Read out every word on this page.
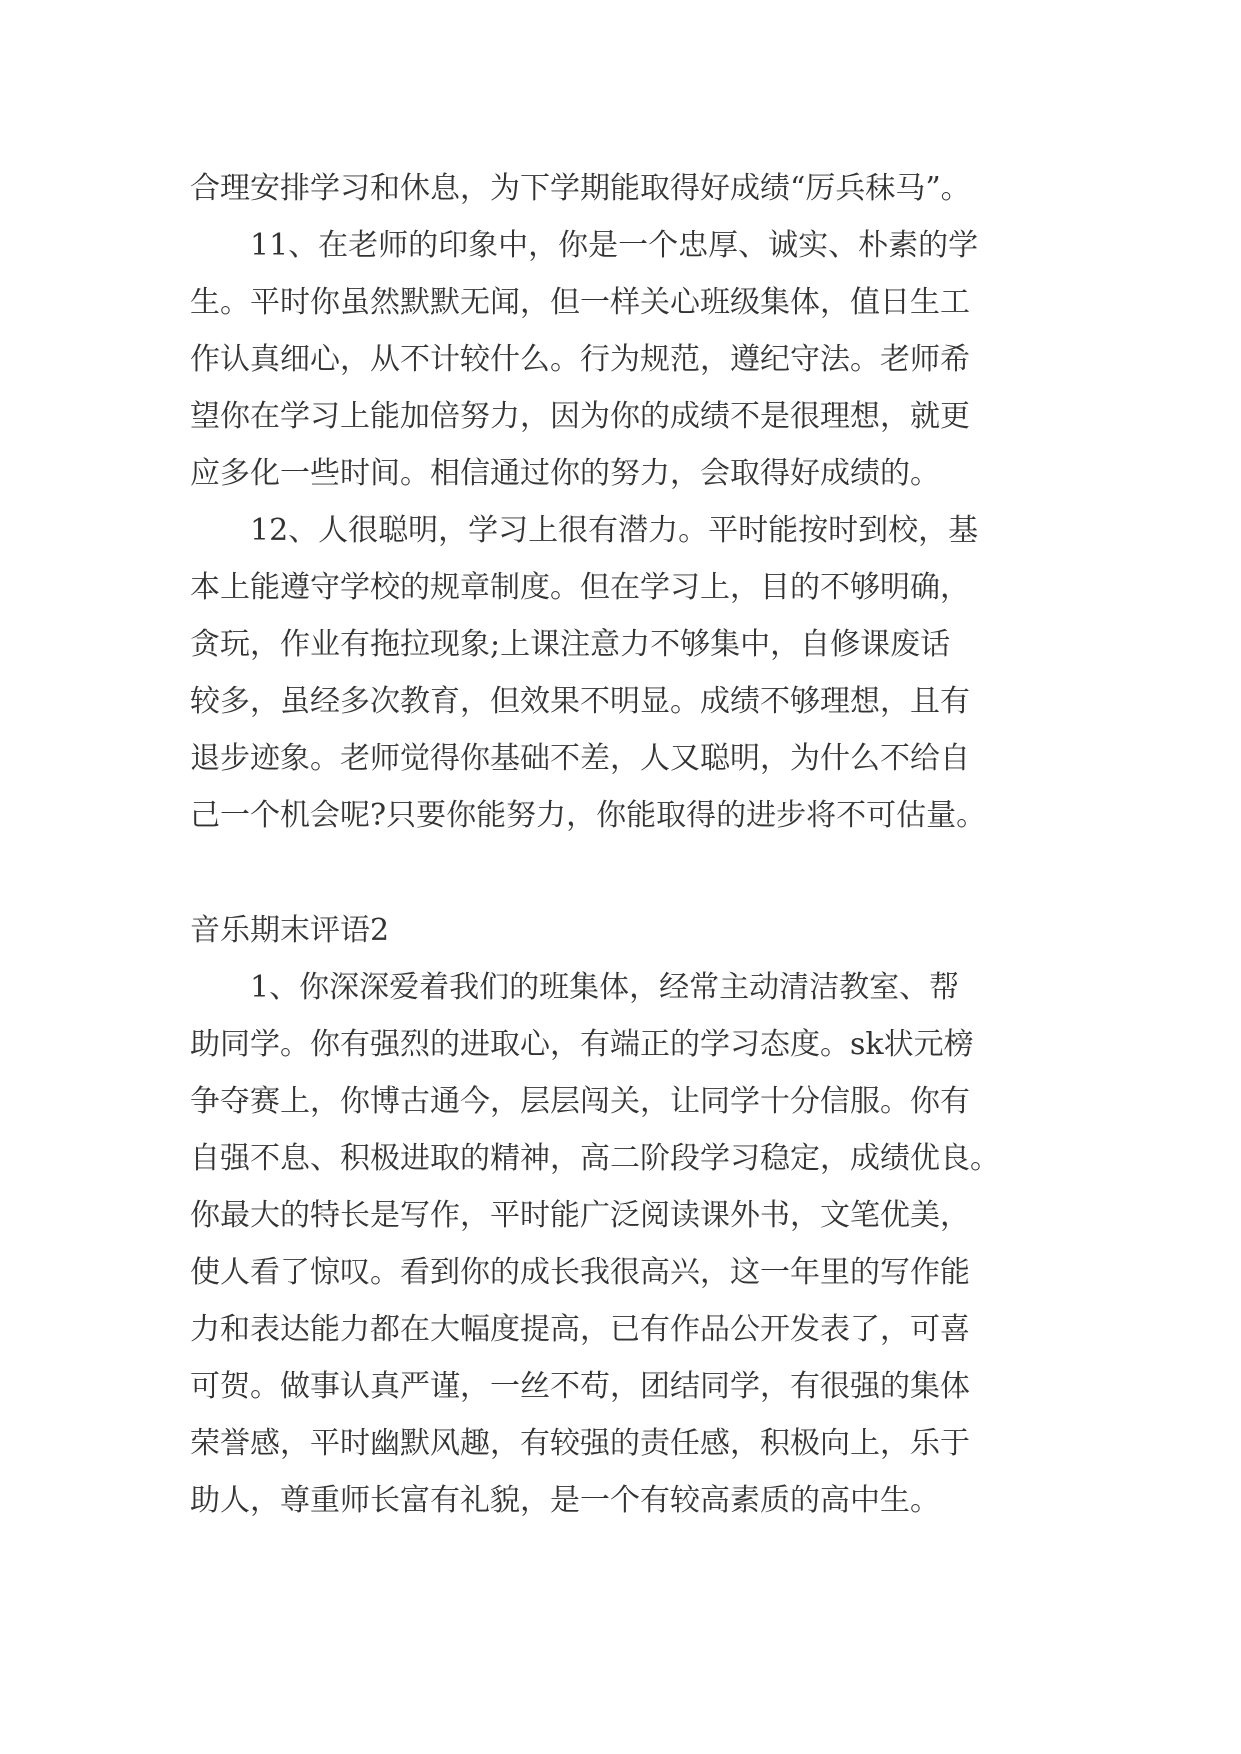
合理安排学习和休息，为下学期能取得好成绩“厉兵秣马”。
11、在老师的印象中，你是一个忠厚、诚实、朴素的学
生。平时你虽然默默无闻，但一样关心班级集体，值日生工
作认真细心，从不计较什么。行为规范，遵纪守法。老师希
望你在学习上能加倍努力，因为你的成绩不是很理想，就更
应多化一些时间。相信通过你的努力，会取得好成绩的。
12、人很聪明，学习上很有潜力。平时能按时到校，基
本上能遵守学校的规章制度。但在学习上，目的不够明确，
贪玩，作业有拖拉现象;上课注意力不够集中，自修课废话
较多，虽经多次教育，但效果不明显。成绩不够理想，且有
退步迹象。老师觉得你基础不差，人又聪明，为什么不给自
己一个机会呢?只要你能努力，你能取得的进步将不可估量。
音乐期末评语2
1、你深深爱着我们的班集体，经常主动清洁教室、帮
助同学。你有强烈的进取心，有端正的学习态度。sk状元榜
争夺赛上，你博古通今，层层闯关，让同学十分信服。你有
自强不息、积极进取的精神，高二阶段学习稳定，成绩优良。
你最大的特长是写作，平时能广泛阅读课外书，文笔优美，
使人看了惊叹。看到你的成长我很高兴，这一年里的写作能
力和表达能力都在大幅度提高，已有作品公开发表了，可喜
可贺。做事认真严谨，一丝不苟，团结同学，有很强的集体
荣誉感，平时幽默风趣，有较强的责任感，积极向上，乐于
助人，尊重师长富有礼貌，是一个有较高素质的高中生。
